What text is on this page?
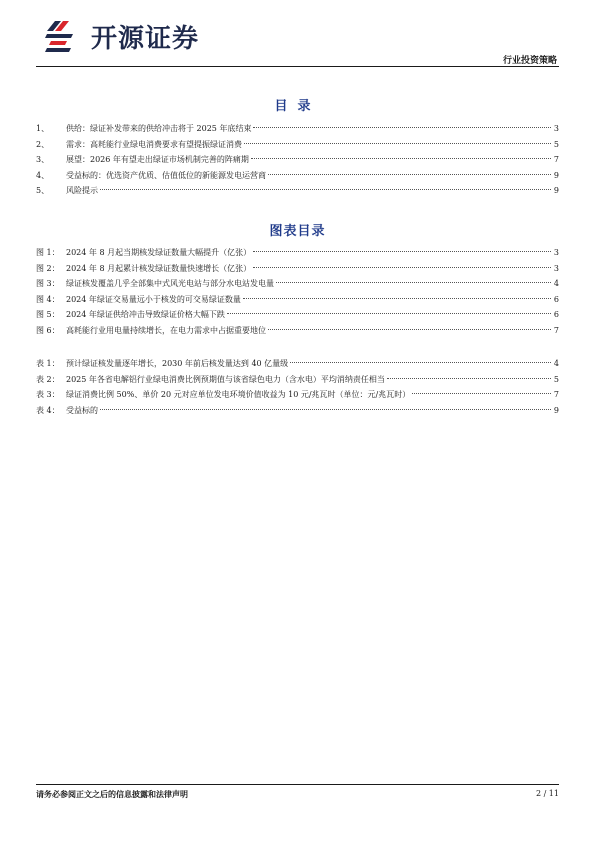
开源证券
行业投资策略
目录
1、	供给：绿证补发带来的供给冲击将于 2025 年底结束	3
2、	需求：高耗能行业绿电消费要求有望提振绿证消费	5
3、	展望：2026 年有望走出绿证市场机制完善的阵痛期	7
4、	受益标的：优选资产优质、估值低位的新能源发电运营商	9
5、	风险提示	9
图表目录
图 1： 2024 年 8 月起当期核发绿证数量大幅提升（亿张）	3
图 2： 2024 年 8 月起累计核发绿证数量快速增长（亿张）	3
图 3： 绿证核发覆盖几乎全部集中式风光电站与部分水电站发电量	4
图 4： 2024 年绿证交易量远小于核发的可交易绿证数量	6
图 5： 2024 年绿证供给冲击导致绿证价格大幅下跌	6
图 6： 高耗能行业用电量持续增长，在电力需求中占据重要地位	7
表 1： 预计绿证核发量逐年增长，2030 年前后核发量达到 40 亿量级	4
表 2： 2025 年各省电解铝行业绿电消费比例预期值与该省绿色电力（含水电）平均消纳责任相当	5
表 3： 绿证消费比例 50%、单价 20 元对应单位发电环境价值收益为 10 元/兆瓦时（单位：元/兆瓦时）	7
表 4： 受益标的	9
请务必参阅正文之后的信息披露和法律声明	2 / 11
